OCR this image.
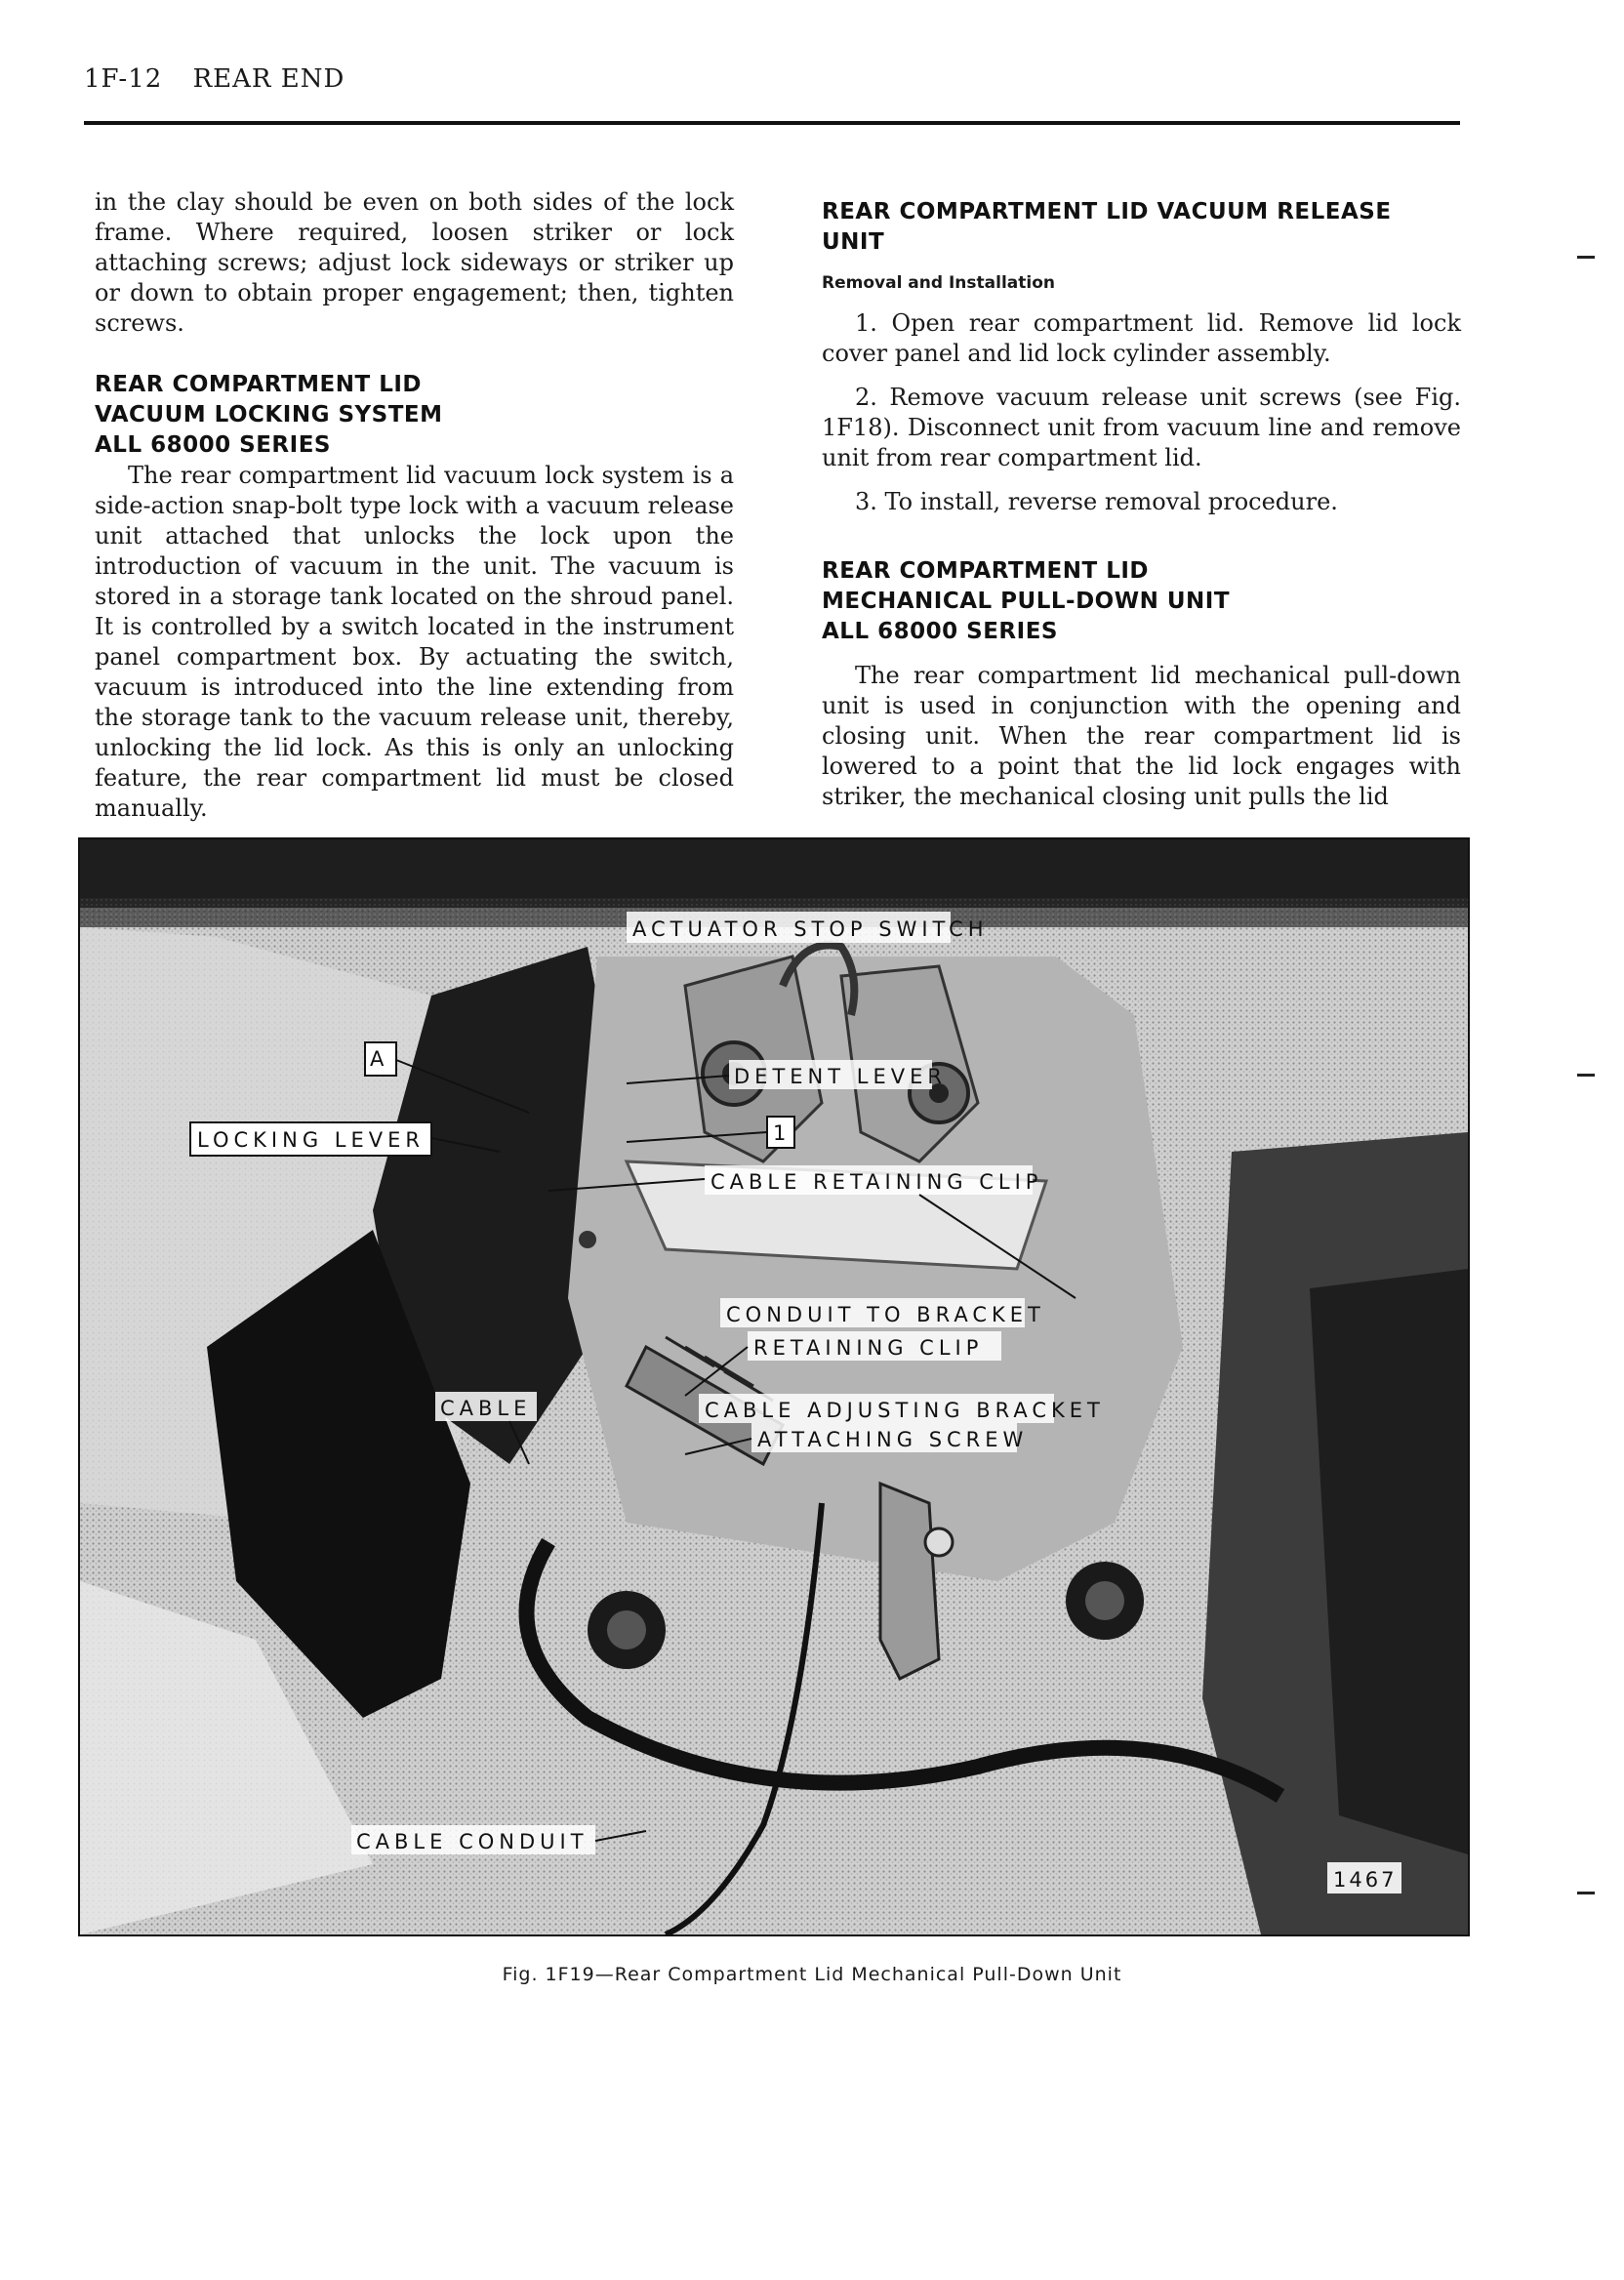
1F-12 REAR END

in the clay should be even on both sides of the lock frame. Where required, loosen striker or lock attaching screws; adjust lock sideways or striker up or down to obtain proper engagement; then, tighten screws.

REAR COMPARTMENT LID
VACUUM LOCKING SYSTEM
ALL 68000 SERIES

The rear compartment lid vacuum lock system is a side-action snap-bolt type lock with a vacuum release unit attached that unlocks the lock upon the introduction of vacuum in the unit. The vacuum is stored in a storage tank located on the shroud panel. It is controlled by a switch located in the instrument panel compartment box. By actuating the switch, vacuum is introduced into the line extending from the storage tank to the vacuum release unit, thereby, unlocking the lid lock. As this is only an unlocking feature, the rear compartment lid must be closed manually.

REAR COMPARTMENT LID VACUUM RELEASE UNIT
Removal and Installation

1. Open rear compartment lid. Remove lid lock cover panel and lid lock cylinder assembly.

2. Remove vacuum release unit screws (see Fig. 1F18). Disconnect unit from vacuum line and remove unit from rear compartment lid.

3. To install, reverse removal procedure.

REAR COMPARTMENT LID
MECHANICAL PULL-DOWN UNIT
ALL 68000 SERIES

The rear compartment lid mechanical pull-down unit is used in conjunction with the opening and closing unit. When the rear compartment lid is lowered to a point that the lid lock engages with striker, the mechanical closing unit pulls the lid

ACTUATOR STOP SWITCH
A
DETENT LEVER
LOCKING LEVER	1
CABLE RETAINING CLIP
CONDUIT TO BRACKET
RETAINING CLIP
CABLE	CABLE ADJUSTING BRACKET
ATTACHING SCREW
CABLE CONDUIT
1467
Fig. 1F19—Rear Compartment Lid Mechanical Pull-Down Unit
